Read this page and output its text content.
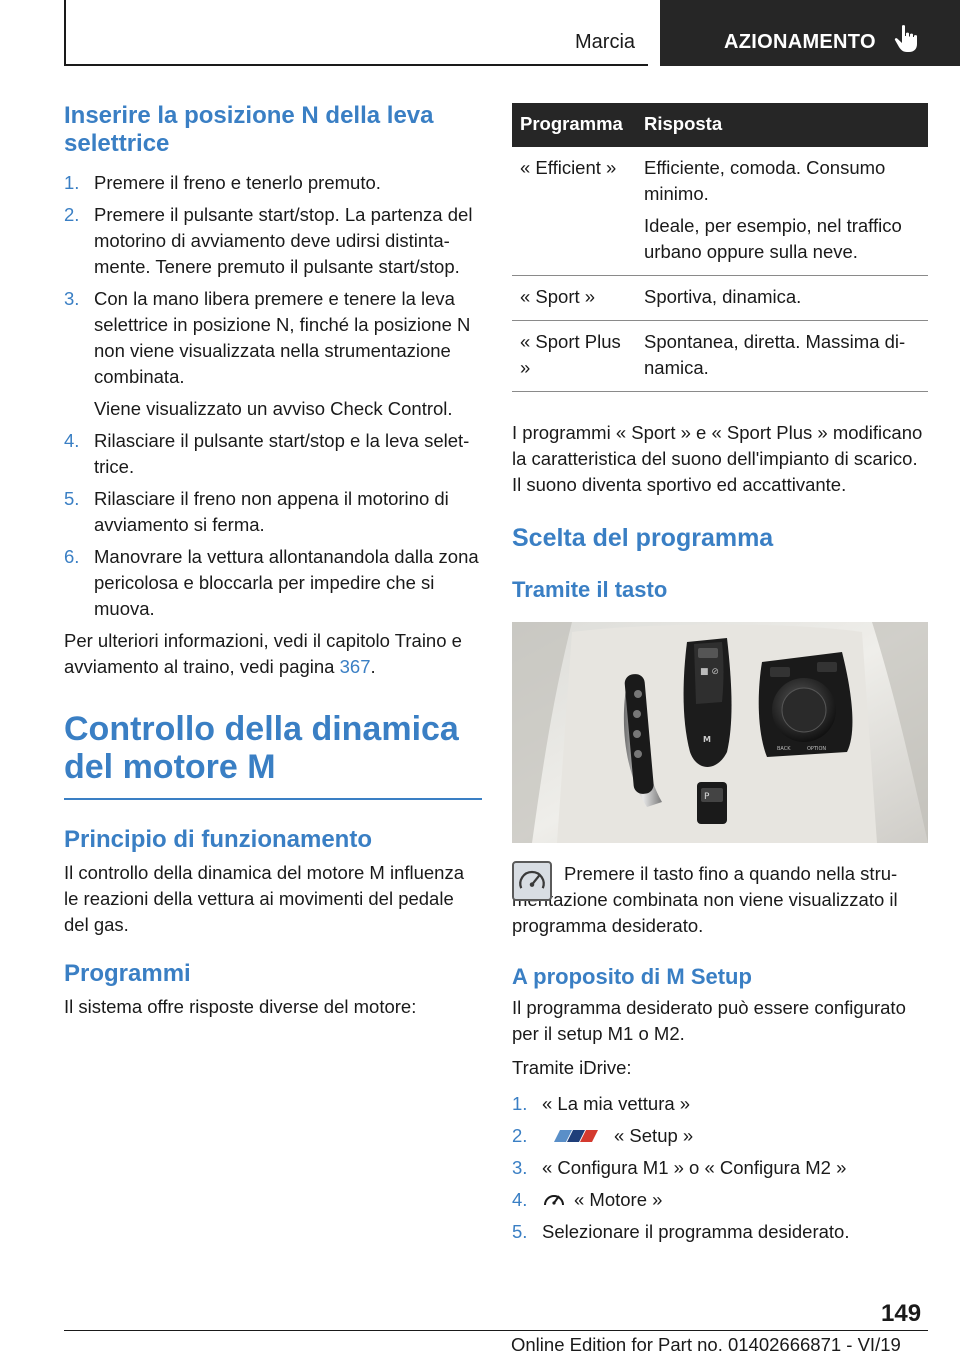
Marcia	AZIONAMENTO
Inserire la posizione N della leva selettrice
1. Premere il freno e tenerlo premuto.
2. Premere il pulsante start/stop. La partenza del motorino di avviamento deve udirsi distintamente. Tenere premuto il pulsante start/stop.
3. Con la mano libera premere e tenere la leva selettrice in posizione N, finché la posizione N non viene visualizzata nella strumentazione combinata.
Viene visualizzato un avviso Check Control.
4. Rilasciare il pulsante start/stop e la leva selettrice.
5. Rilasciare il freno non appena il motorino di avviamento si ferma.
6. Manovrare la vettura allontanandola dalla zona pericolosa e bloccarla per impedire che si muova.
Per ulteriori informazioni, vedi il capitolo Traino e avviamento al traino, vedi pagina 367.
Controllo della dinamica del motore M
Principio di funzionamento
Il controllo della dinamica del motore M influenza le reazioni della vettura ai movimenti del pedale del gas.
Programmi
Il sistema offre risposte diverse del motore:
Programma	Risposta
« Efficient »	Efficiente, comoda. Consumo minimo.
Ideale, per esempio, nel traffico urbano oppure sulla neve.

« Sport »	Sportiva, dinamica.
« Sport Plus »	Spontanea, diretta. Massima dinamica.
I programmi « Sport » e « Sport Plus » modificano la caratteristica del suono dell'impianto di scarico. Il suono diventa sportivo ed accattivante.
Scelta del programma
Tramite il tasto
■ ⊘
M
P
BACK	OPTION
Premere il tasto fino a quando nella strumentazione combinata non viene visualizzato il programma desiderato.
A proposito di M Setup
Il programma desiderato può essere configurato per il setup M1 o M2.
Tramite iDrive:
1. « La mia vettura »
2.	« Setup »
3. « Configura M1 » o « Configura M2 »
4.	« Motore »
5. Selezionare il programma desiderato.
149
Online Edition for Part no. 01402666871 - VI/19
